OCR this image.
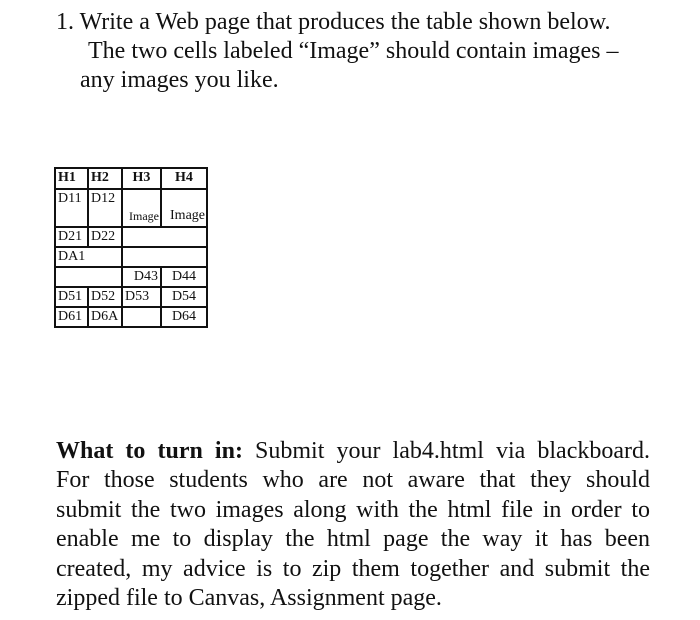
1. Write a Web page that produces the table shown below.
The two cells labeled “Image” should contain images –
any images you like.
H1	H2	H3	H4
D11	D12	Image	Image
D21	D22		
DA1			
		D43	D44
D51	D52	D53	D54
D61	D6A		D64
What to turn in: Submit your lab4.html via blackboard.
For those students who are not aware that they should
submit the two images along with the html file in order to
enable me to display the html page the way it has been
created, my advice is to zip them together and submit the
zipped file to Canvas, Assignment page.
